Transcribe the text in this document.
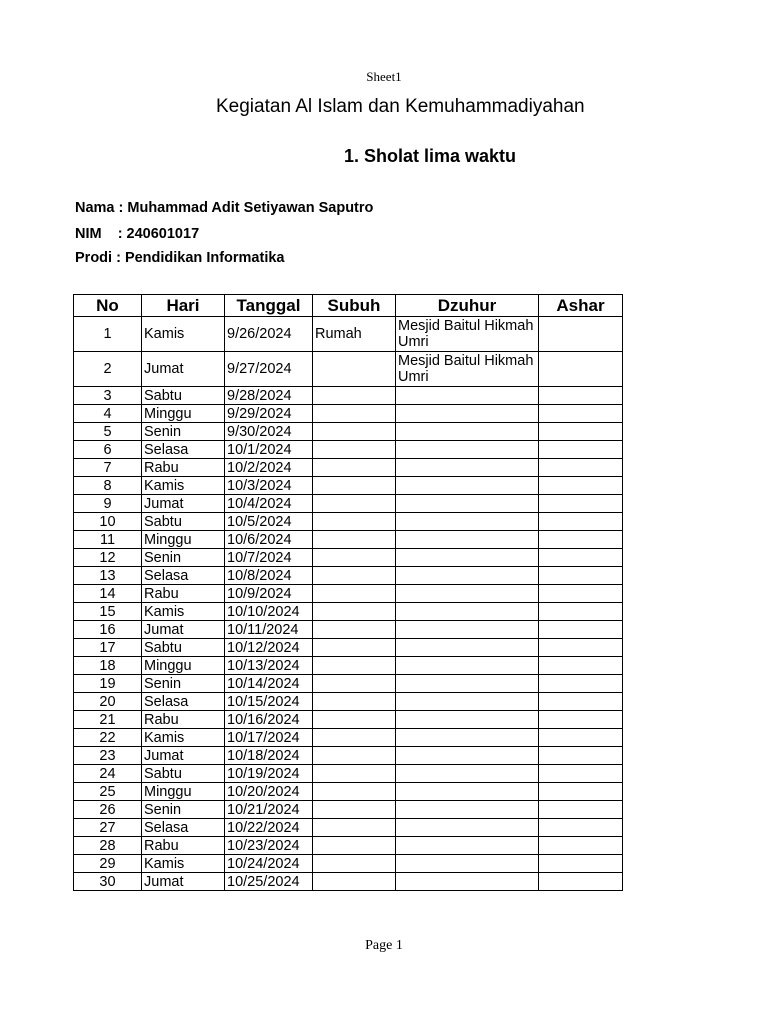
Sheet1
Kegiatan Al Islam dan Kemuhammadiyahan
1. Sholat lima waktu
Nama : Muhammad Adit Setiyawan Saputro
NIM    : 240601017
Prodi : Pendidikan Informatika
No	Hari	Tanggal	Subuh	Dzuhur	Ashar
1	Kamis	9/26/2024	Rumah	Mesjid Baitul Hikmah Umri	
2	Jumat	9/27/2024		Mesjid Baitul Hikmah Umri	
3	Sabtu	9/28/2024			
4	Minggu	9/29/2024			
5	Senin	9/30/2024			
6	Selasa	10/1/2024			
7	Rabu	10/2/2024			
8	Kamis	10/3/2024			
9	Jumat	10/4/2024			
10	Sabtu	10/5/2024			
11	Minggu	10/6/2024			
12	Senin	10/7/2024			
13	Selasa	10/8/2024			
14	Rabu	10/9/2024			
15	Kamis	10/10/2024			
16	Jumat	10/11/2024			
17	Sabtu	10/12/2024			
18	Minggu	10/13/2024			
19	Senin	10/14/2024			
20	Selasa	10/15/2024			
21	Rabu	10/16/2024			
22	Kamis	10/17/2024			
23	Jumat	10/18/2024			
24	Sabtu	10/19/2024			
25	Minggu	10/20/2024			
26	Senin	10/21/2024			
27	Selasa	10/22/2024			
28	Rabu	10/23/2024			
29	Kamis	10/24/2024			
30	Jumat	10/25/2024			
Page 1
